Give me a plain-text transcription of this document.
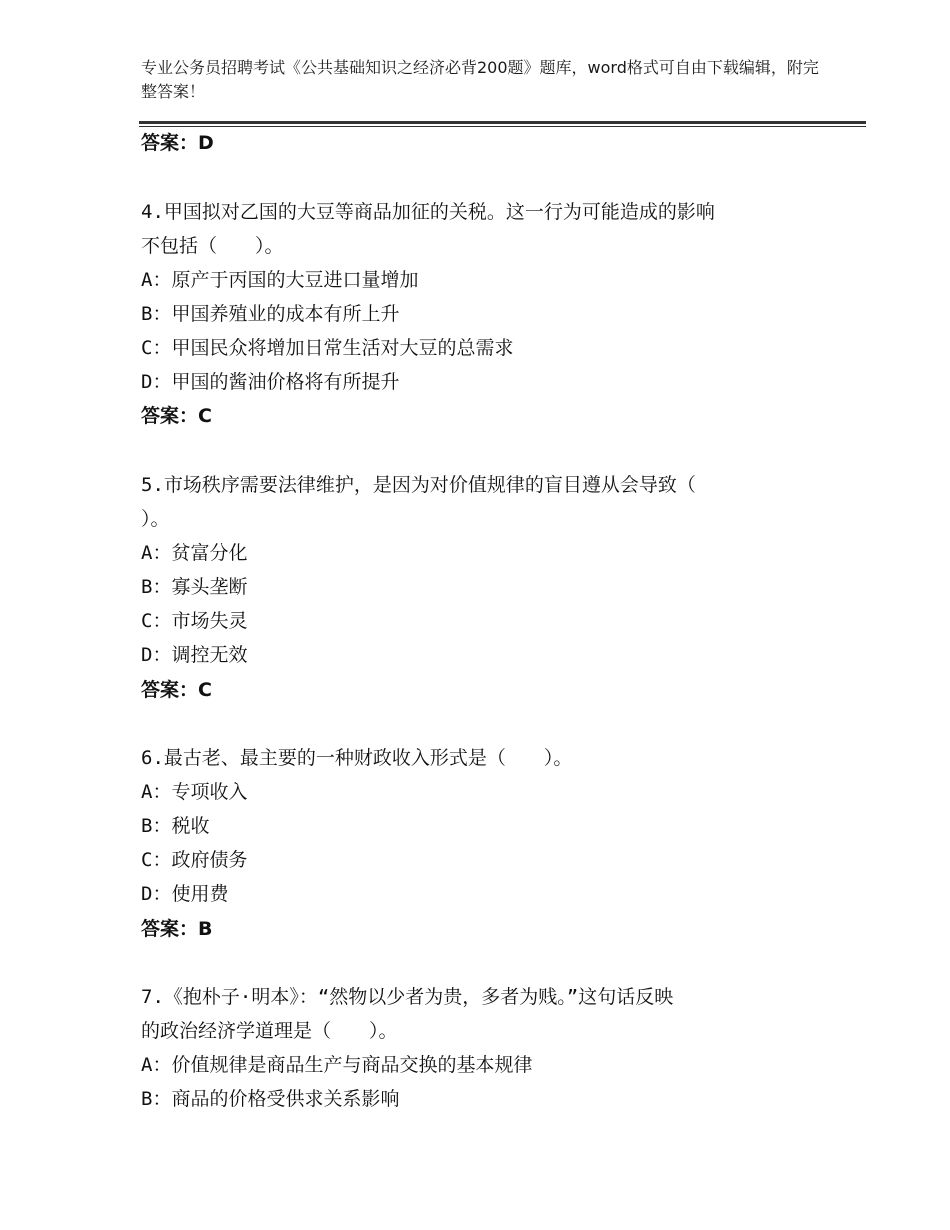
专业公务员招聘考试《公共基础知识之经济必背200题》题库，word格式可自由下载编辑，附完整答案！
答案：D
4.甲国拟对乙国的大豆等商品加征的关税。这一行为可能造成的影响
不包括（　　）。
A：原产于丙国的大豆进口量增加
B：甲国养殖业的成本有所上升
C：甲国民众将增加日常生活对大豆的总需求
D：甲国的酱油价格将有所提升
答案：C
5.市场秩序需要法律维护，是因为对价值规律的盲目遵从会导致（
）。
A：贫富分化
B：寡头垄断
C：市场失灵
D：调控无效
答案：C
6.最古老、最主要的一种财政收入形式是（　　）。
A：专项收入
B：税收
C：政府债务
D：使用费
答案：B
7.《抱朴子·明本》：“然物以少者为贵，多者为贱。”这句话反映
的政治经济学道理是（　　）。
A：价值规律是商品生产与商品交换的基本规律
B：商品的价格受供求关系影响
